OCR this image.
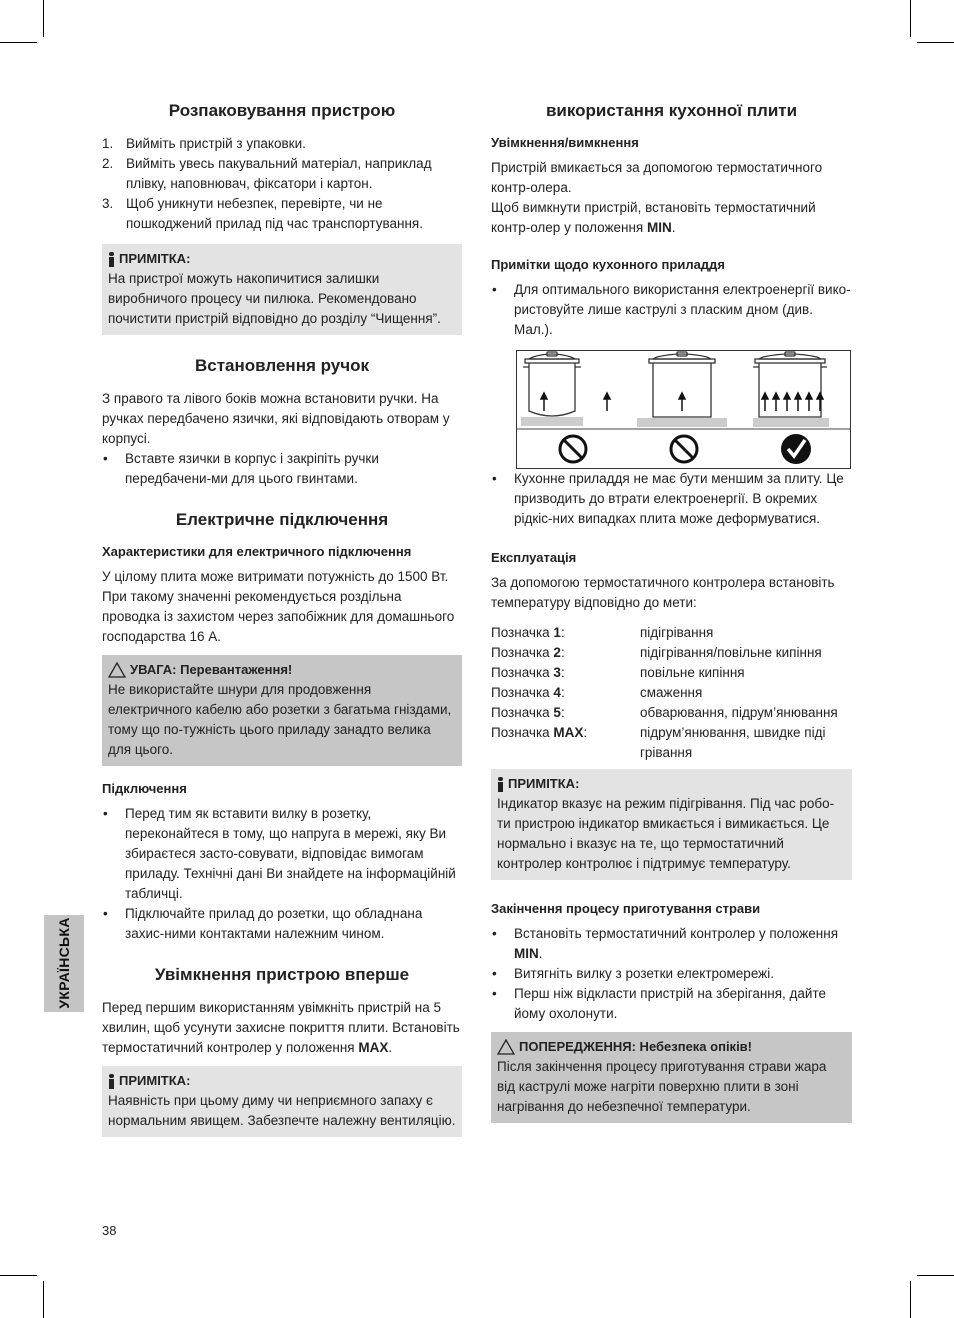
Розпаковування пристрою
1. Вийміть пристрій з упаковки.
2. Вийміть увесь пакувальний матеріал, наприклад плівку, наповнювач, фіксатори і картон.
3. Щоб уникнути небезпек, перевірте, чи не пошкоджений прилад під час транспортування.
ПРИМІТКА:
На пристрої можуть накопичитися залишки виробничого процесу чи пилюка. Рекомендовано почистити пристрій відповідно до розділу “Чищення”.
Встановлення ручок

З правого та лівого боків можна встановити ручки. На ручках передбачено язички, які відповідають отворам у корпусі.

• Вставте язички в корпус і закріпіть ручки передбачени-ми для цього гвинтами.
Електричне підключення
Характеристики для електричного підключення

У цілому плита може витримати потужність до 1500 Вт. При такому значенні рекомендується роздільна проводка із захистом через запобіжник для домашнього господарства 16 А.

УВАГА: Перевантаження!
Не використайте шнури для продовження електричного кабелю або розетки з багатьма гніздами, тому що по-тужність цього приладу занадто велика для цього.
Підключення
• Перед тим як вставити вилку в розетку, переконайтеся в тому, що напруга в мережі, яку Ви збираєтеся засто-совувати, відповідає вимогам приладу. Технічні дані Ви знайдете на інформаційній табличці.
• Підключайте прилад до розетки, що обладнана захис-ними контактами належним чином.
Увімкнення пристрою вперше

Перед першим використанням увімкніть пристрій на 5 хвилин, щоб усунути захисне покриття плити. Встановіть термостатичний контролер у положення MAX.

ПРИМІТКА:
Наявність при цьому диму чи неприємного запаху є нормальним явищем. Забезпечте належну вентиляцію.
використання кухонної плити
Увімкнення/вимкнення

Пристрій вмикається за допомогою термостатичного контр-олера.

Щоб вимкнути пристрій, встановіть термостатичний контр-олер у положення MIN.

Примітки щодо кухонного приладдя
• Для оптимального використання електроенергії вико-ристовуйте лише каструлі з пласким дном (див. Мал.).
• Кухонне приладдя не має бути меншим за плиту. Це призводить до втрати електроенергії. В окремих рідкіс-них випадках плита може деформуватися.
Експлуатація

За допомогою термостатичного контролера встановіть температуру відповідно до мети:

Позначка 1:	підігрівання
Позначка 2:	підігрівання/повільне кипіння
Позначка 3:	повільне кипіння
Позначка 4:	смаження
Позначка 5:	обварювання, підрум’янювання
Позначка MAX:	підрум’янювання, швидке піді грівання
ПРИМІТКА:
Індикатор вказує на режим підігрівання. Під час робо-ти пристрою індикатор вмикається і вимикається. Це нормально і вказує на те, що термостатичний контролер контролює і підтримує температуру.
Закінчення процесу приготування страви
• Встановіть термостатичний контролер у положення MIN.
• Витягніть вилку з розетки електромережі.
• Перш ніж відкласти пристрій на зберігання, дайте йому охолонути.
ПОПЕРЕДЖЕННЯ: Небезпека опіків!
Після закінчення процесу приготування страви жара від каструлі може нагріти поверхню плити в зоні нагрівання до небезпечної температури.
УКРАЇНСЬКА
38
